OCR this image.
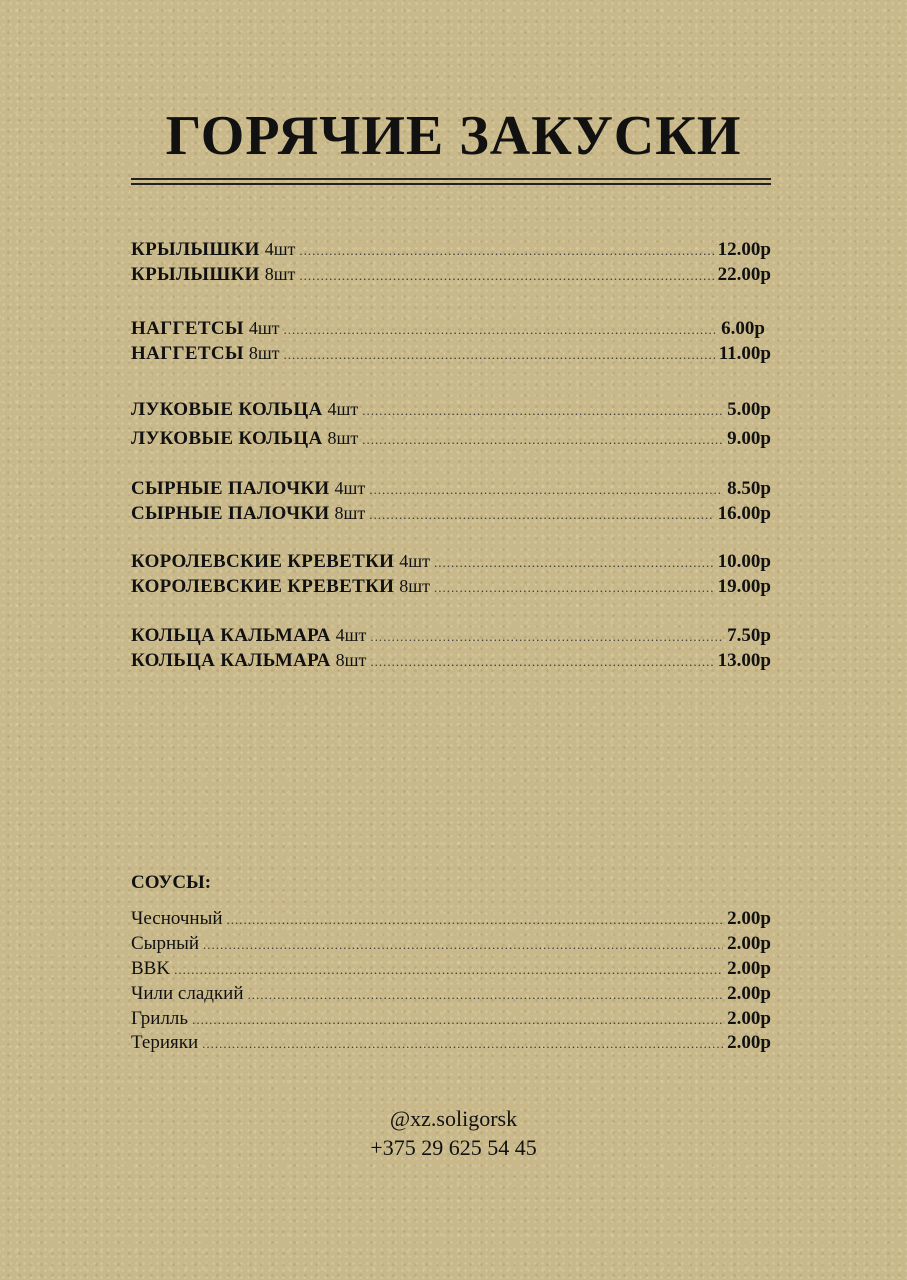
ГОРЯЧИЕ ЗАКУСКИ
КРЫЛЫШКИ 4шт .....	12.00р
КРЫЛЫШКИ 8шт .....	22.00р
НАГГЕТСЫ 4шт .....	6.00р
НАГГЕТСЫ 8шт .....	11.00р
ЛУКОВЫЕ КОЛЬЦА 4шт .....	5.00р
ЛУКОВЫЕ КОЛЬЦА 8шт .....	9.00р
СЫРНЫЕ ПАЛОЧКИ 4шт .....	8.50р
СЫРНЫЕ ПАЛОЧКИ 8шт .....	16.00р
КОРОЛЕВСКИЕ КРЕВЕТКИ 4шт .....	10.00р
КОРОЛЕВСКИЕ КРЕВЕТКИ 8шт .....	19.00р
КОЛЬЦА КАЛЬМАРА 4шт .....	7.50р
КОЛЬЦА КАЛЬМАРА 8шт .....	13.00р
СОУСЫ:
Чесночный .....	2.00р
Сырный .....	2.00р
BBK .....	2.00р
Чили сладкий .....	2.00р
Грилль .....	2.00р
Терияки .....	2.00р
@xz.soligorsk
+375 29 625 54 45
